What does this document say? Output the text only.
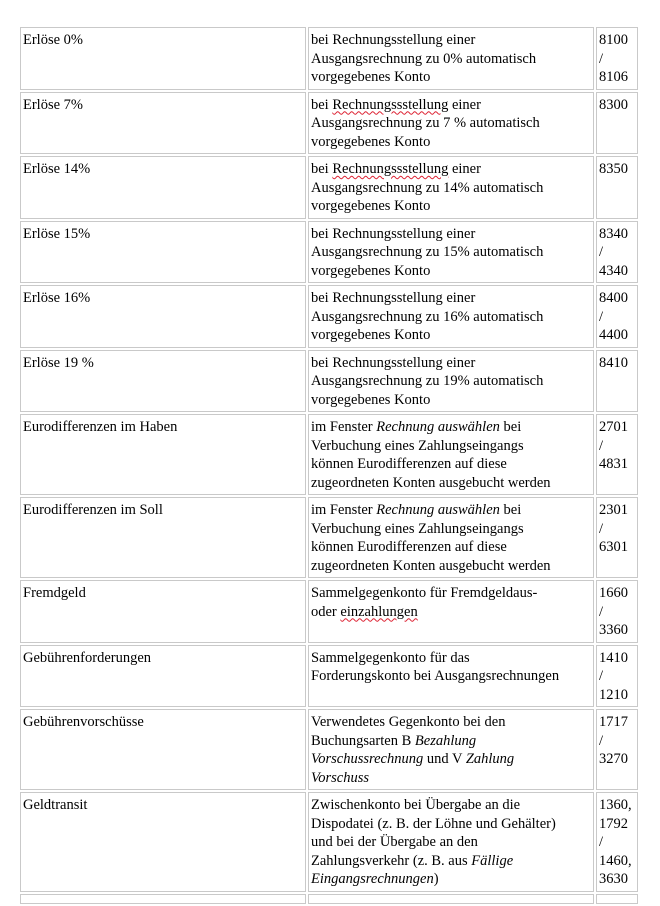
Erlöse 0%	bei Rechnungsstellung einer
Ausgangsrechnung zu 0% automatisch
vorgegebenes Konto	8100
/
8106

Erlöse 7%	bei Rechnungssstellung einer
Ausgangsrechnung zu 7 % automatisch
vorgegebenes Konto	8300

Erlöse 14%	bei Rechnungssstellung einer
Ausgangsrechnung zu 14% automatisch
vorgegebenes Konto	8350

Erlöse 15%	bei Rechnungsstellung einer
Ausgangsrechnung zu 15% automatisch
vorgegebenes Konto	8340
/
4340

Erlöse 16%	bei Rechnungsstellung einer
Ausgangsrechnung zu 16% automatisch
vorgegebenes Konto	8400
/
4400

Erlöse 19 %	bei Rechnungsstellung einer
Ausgangsrechnung zu 19% automatisch
vorgegebenes Konto	8410

Eurodifferenzen im Haben	im Fenster Rechnung auswählen bei
Verbuchung eines Zahlungseingangs
können Eurodifferenzen auf diese
zugeordneten Konten ausgebucht werden	2701
/
4831

Eurodifferenzen im Soll	im Fenster Rechnung auswählen bei
Verbuchung eines Zahlungseingangs
können Eurodifferenzen auf diese
zugeordneten Konten ausgebucht werden	2301
/
6301

Fremdgeld	Sammelgegenkonto für Fremdgeldaus-
oder einzahlungen	1660
/
3360

Gebührenforderungen	Sammelgegenkonto für das
Forderungskonto bei Ausgangsrechnungen	1410
/
1210

Gebührenvorschüsse	Verwendetes Gegenkonto bei den
Buchungsarten B Bezahlung
Vorschussrechnung und V Zahlung
Vorschuss	1717
/
3270

Geldtransit	Zwischenkonto bei Übergabe an die
Dispodatei (z. B. der Löhne und Gehälter)
und bei der Übergabe an den
Zahlungsverkehr (z. B. aus Fällige
Eingangsrechnungen)	1360,
1792
/
1460,
3630
